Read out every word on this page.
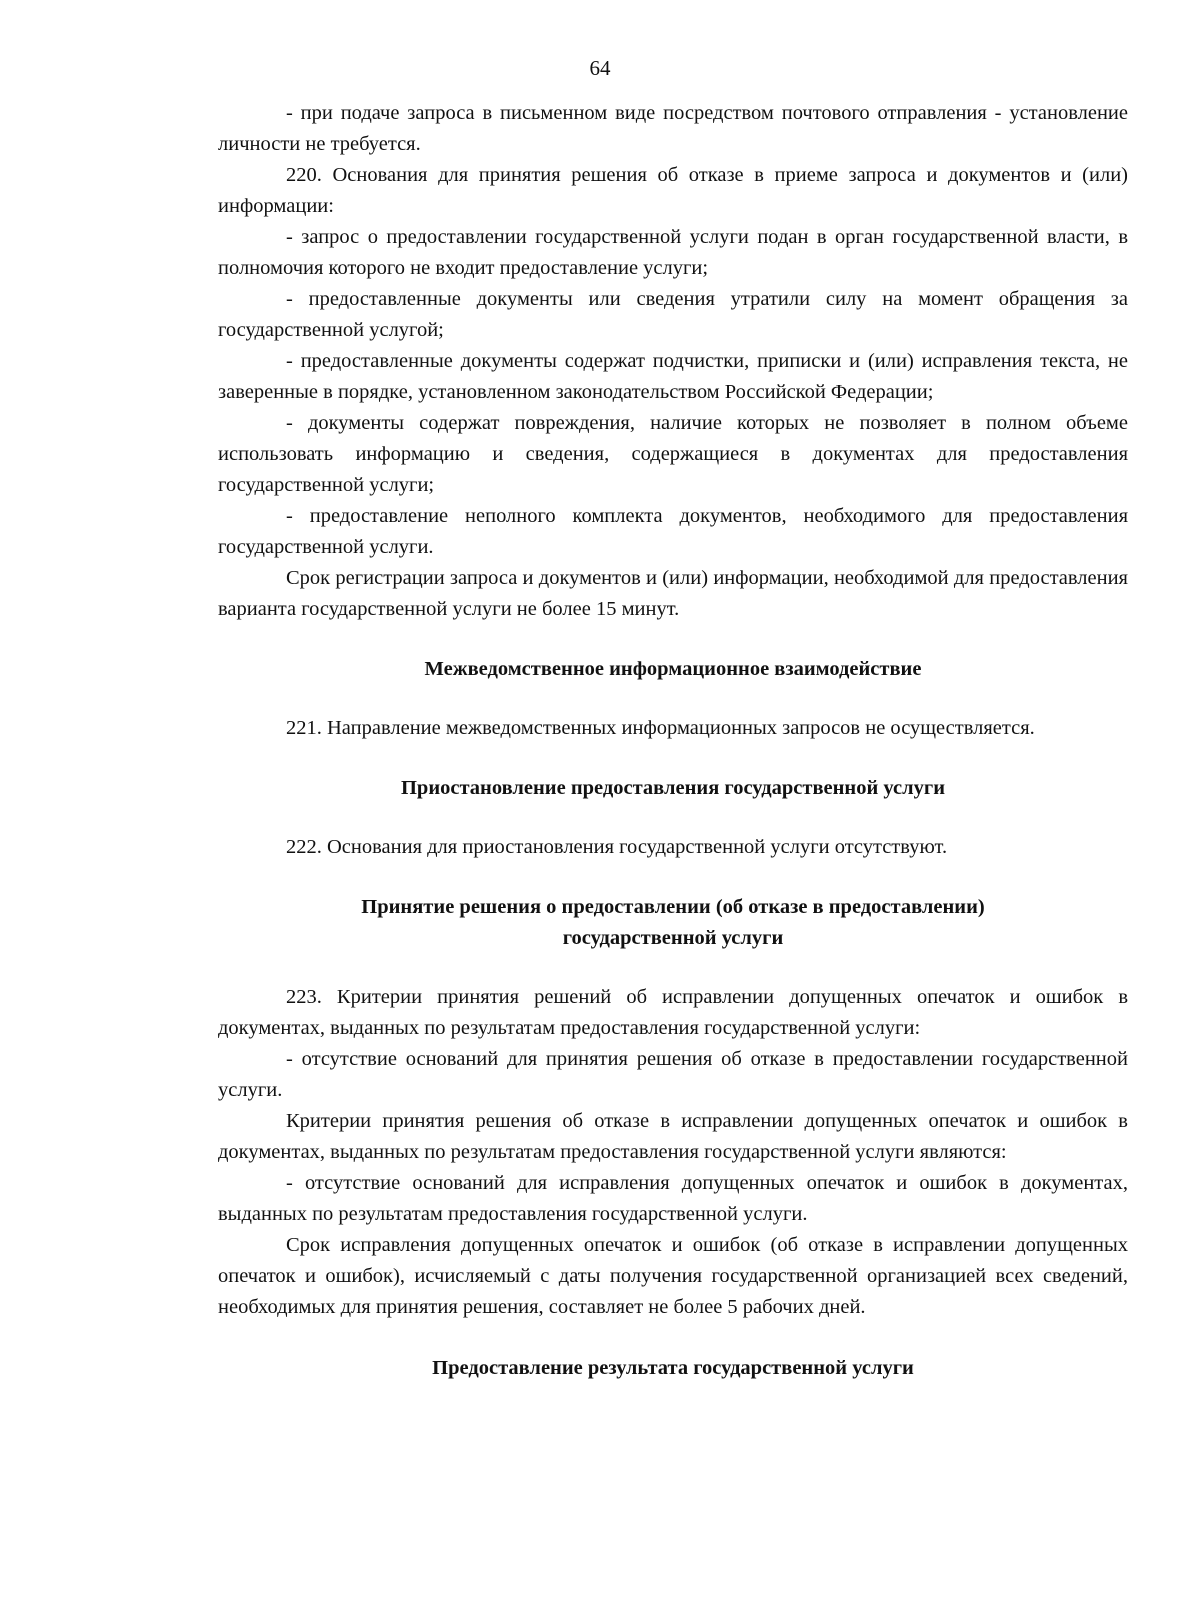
64

- при подаче запроса в письменном виде посредством почтового отправления - установление личности не требуется.

220. Основания для принятия решения об отказе в приеме запроса и документов и (или) информации:

- запрос о предоставлении государственной услуги подан в орган государственной власти, в полномочия которого не входит предоставление услуги;

- предоставленные документы или сведения утратили силу на момент обращения за государственной услугой;

- предоставленные документы содержат подчистки, приписки и (или) исправления текста, не заверенные в порядке, установленном законодательством Российской Федерации;

- документы содержат повреждения, наличие которых не позволяет в полном объеме использовать информацию и сведения, содержащиеся в документах для предоставления государственной услуги;

- предоставление неполного комплекта документов, необходимого для предоставления государственной услуги.

Срок регистрации запроса и документов и (или) информации, необходимой для предоставления варианта государственной услуги не более 15 минут.

Межведомственное информационное взаимодействие

221. Направление межведомственных информационных запросов не осуществляется.

Приостановление предоставления государственной услуги

222. Основания для приостановления государственной услуги отсутствуют.

Принятие решения о предоставлении (об отказе в предоставлении)
государственной услуги

223. Критерии принятия решений об исправлении допущенных опечаток и ошибок в документах, выданных по результатам предоставления государственной услуги:

- отсутствие оснований для принятия решения об отказе в предоставлении государственной услуги.

Критерии принятия решения об отказе в исправлении допущенных опечаток и ошибок в документах, выданных по результатам предоставления государственной услуги являются:

- отсутствие оснований для исправления допущенных опечаток и ошибок в документах, выданных по результатам предоставления государственной услуги.

Срок исправления допущенных опечаток и ошибок (об отказе в исправлении допущенных опечаток и ошибок), исчисляемый с даты получения государственной организацией всех сведений, необходимых для принятия решения, составляет не более 5 рабочих дней.

Предоставление результата государственной услуги
